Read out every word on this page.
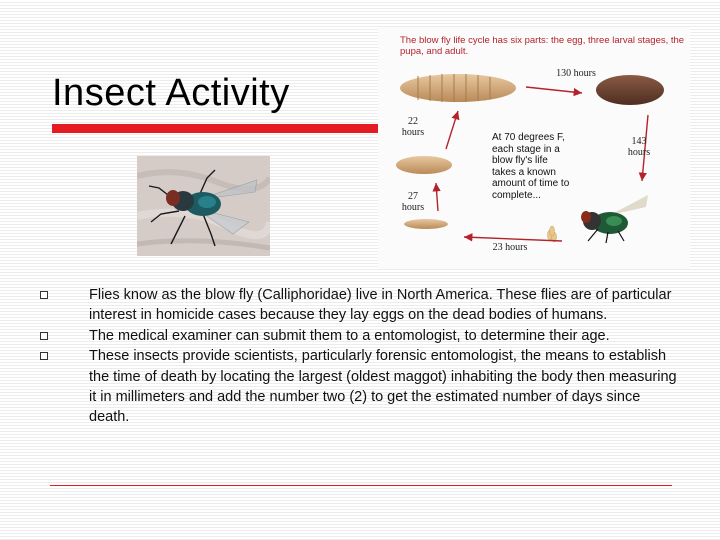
Insect Activity
The blow fly life cycle has six parts: the egg, three larval stages, the pupa, and adult.
130 hours
22 hours
143 hours
27 hours
23 hours
At 70 degrees F, each stage in a blow fly's life takes a known amount of time to complete...
Flies know as the blow fly (Calliphoridae) live in North America. These flies are of particular interest in homicide cases because they lay eggs on the dead bodies of humans.
The medical examiner can submit them to a entomologist, to determine their age.
These insects provide scientists, particularly forensic entomologist, the means to establish the time of death by locating the largest (oldest maggot) inhabiting the body then measuring it in millimeters and add the number two (2) to get the estimated number of days since death.
